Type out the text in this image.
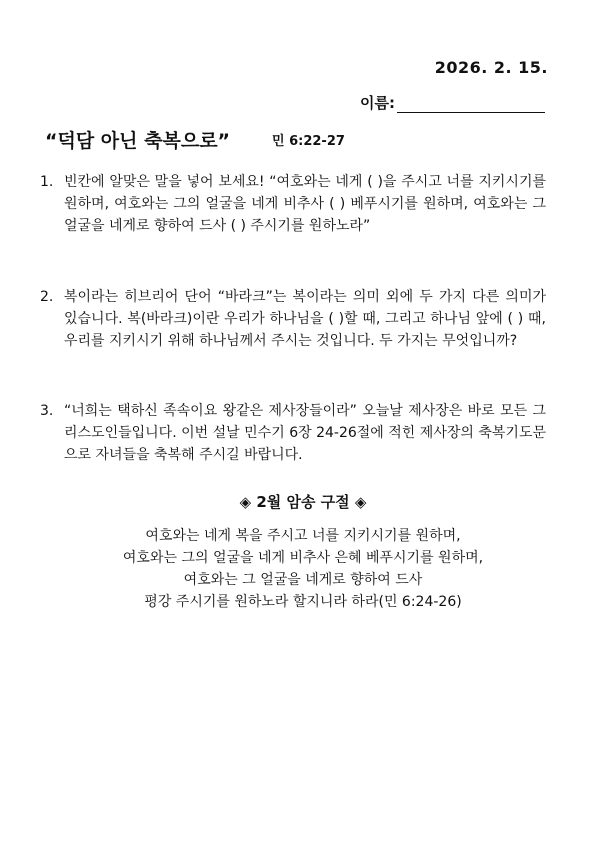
2026. 2. 15.
이름:
“덕담 아닌 축복으로”	민 6:22-27
1. 빈칸에 알맞은 말을 넣어 보세요! “여호와는 네게 ( )을 주시고 너를 지키시기를 원하며, 여호와는 그의 얼굴을 네게 비추사 ( ) 베푸시기를 원하며, 여호와는 그 얼굴을 네게로 향하여 드사 ( ) 주시기를 원하노라”
2. 복이라는 히브리어 단어 “바라크”는 복이라는 의미 외에 두 가지 다른 의미가 있습니다. 복(바라크)이란 우리가 하나님을 ( )할 때, 그리고 하나님 앞에 ( ) 때, 우리를 지키시기 위해 하나님께서 주시는 것입니다. 두 가지는 무엇입니까?
3. “너희는 택하신 족속이요 왕같은 제사장들이라” 오늘날 제사장은 바로 모든 그리스도인들입니다. 이번 설날 민수기 6장 24-26절에 적힌 제사장의 축복기도문으로 자녀들을 축복해 주시길 바랍니다.
◈ 2월 암송 구절 ◈
여호와는 네게 복을 주시고 너를 지키시기를 원하며,
여호와는 그의 얼굴을 네게 비추사 은혜 베푸시기를 원하며,
여호와는 그 얼굴을 네게로 향하여 드사
평강 주시기를 원하노라 할지니라 하라(민 6:24-26)
